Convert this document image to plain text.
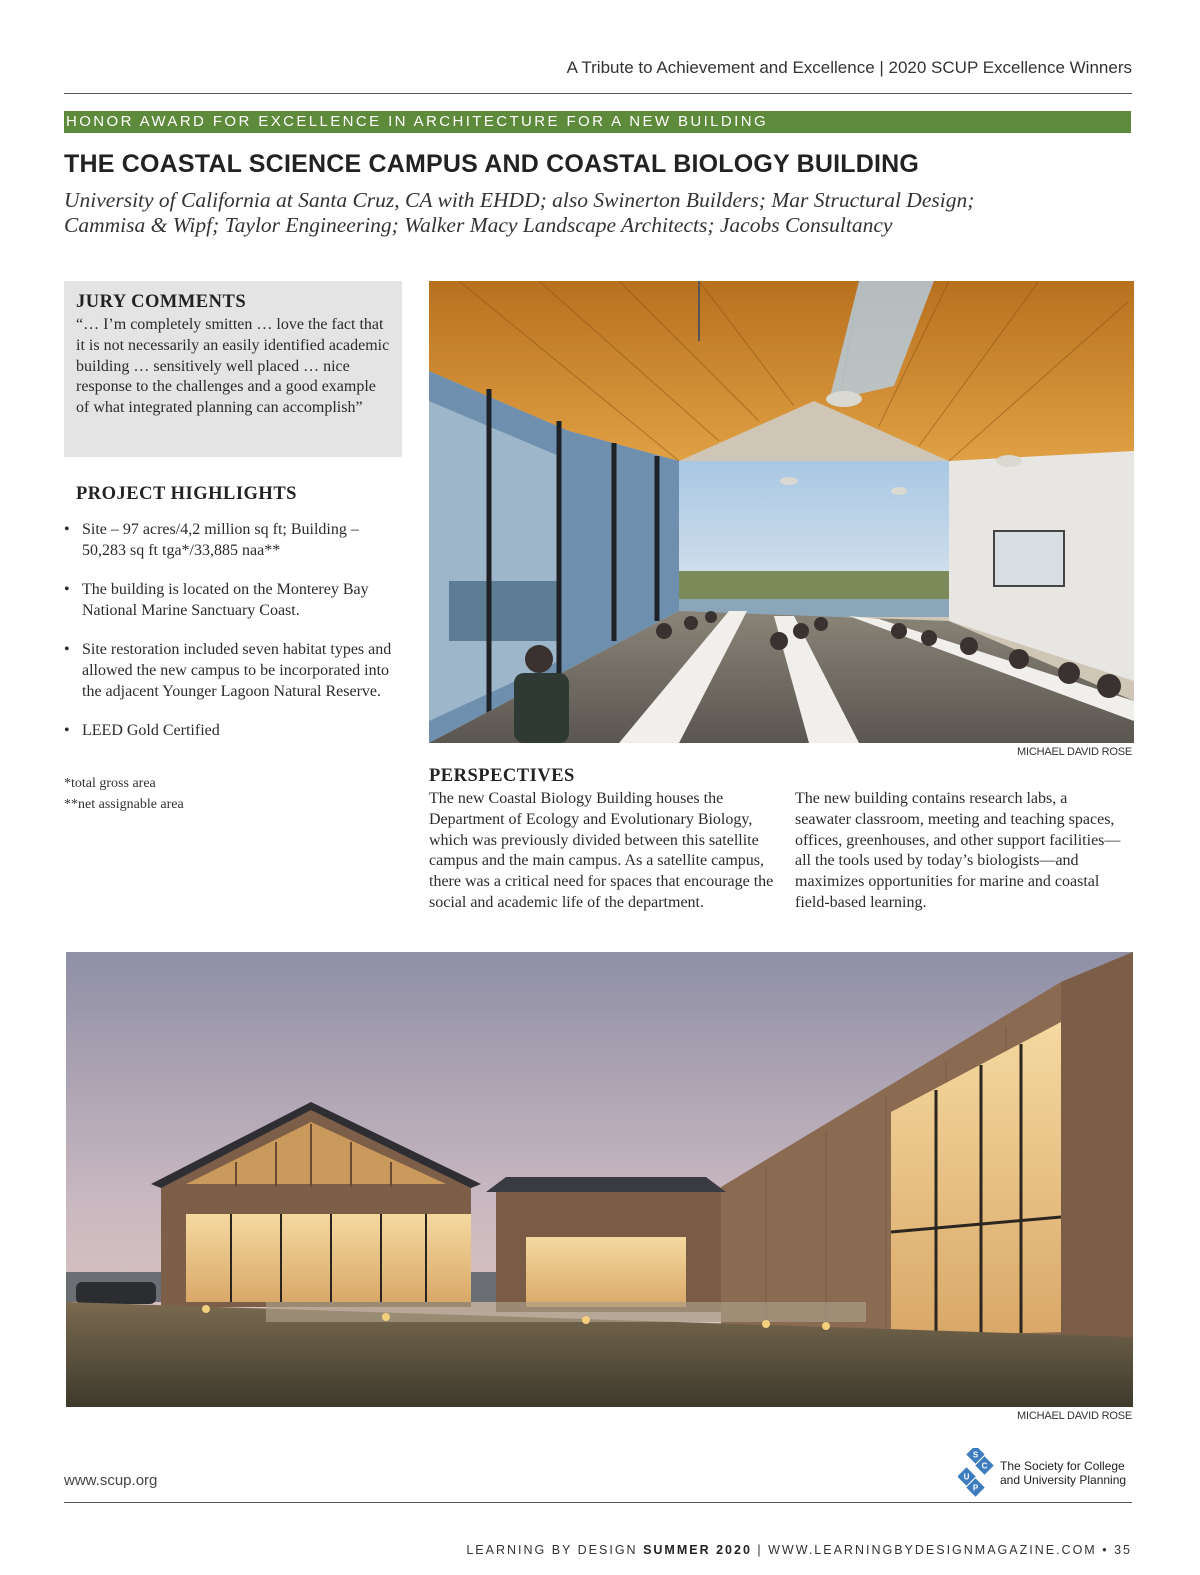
A Tribute to Achievement and Excellence | 2020 SCUP Excellence Winners
HONOR AWARD FOR EXCELLENCE IN ARCHITECTURE FOR A NEW BUILDING
THE COASTAL SCIENCE CAMPUS AND COASTAL BIOLOGY BUILDING
University of California at Santa Cruz, CA with EHDD; also Swinerton Builders; Mar Structural Design;
Cammisa & Wipf; Taylor Engineering; Walker Macy Landscape Architects; Jacobs Consultancy
JURY COMMENTS

“… I’m completely smitten … love the fact that it is not necessarily an easily identified academic building … sensitively well placed … nice response to the challenges and a good example of what integrated planning can accomplish”

PROJECT HIGHLIGHTS
• Site – 97 acres/4,2 million sq ft; Building – 50,283 sq ft tga*/33,885 naa**
• The building is located on the Monterey Bay National Marine Sanctuary Coast.
• Site restoration included seven habitat types and allowed the new campus to be incorporated into the adjacent Younger Lagoon Natural Reserve.
• LEED Gold Certified
*total gross area
**net assignable area
MICHAEL DAVID ROSE
PERSPECTIVES

The new Coastal Biology Building houses the Department of Ecology and Evolutionary Biology, which was previously divided between this satellite campus and the main campus. As a satellite campus, there was a critical need for spaces that encourage the social and academic life of the department.

The new building contains research labs, a seawater classroom, meeting and teaching spaces, offices, greenhouses, and other support facilities—all the tools used by today’s biologists—and maximizes opportunities for marine and coastal field-based learning.

MICHAEL DAVID ROSE
www.scup.org
S
C
U
P
The Society for College
and University Planning
LEARNING BY DESIGN SUMMER 2020 | WWW.LEARNINGBYDESIGNMAGAZINE.COM • 35
